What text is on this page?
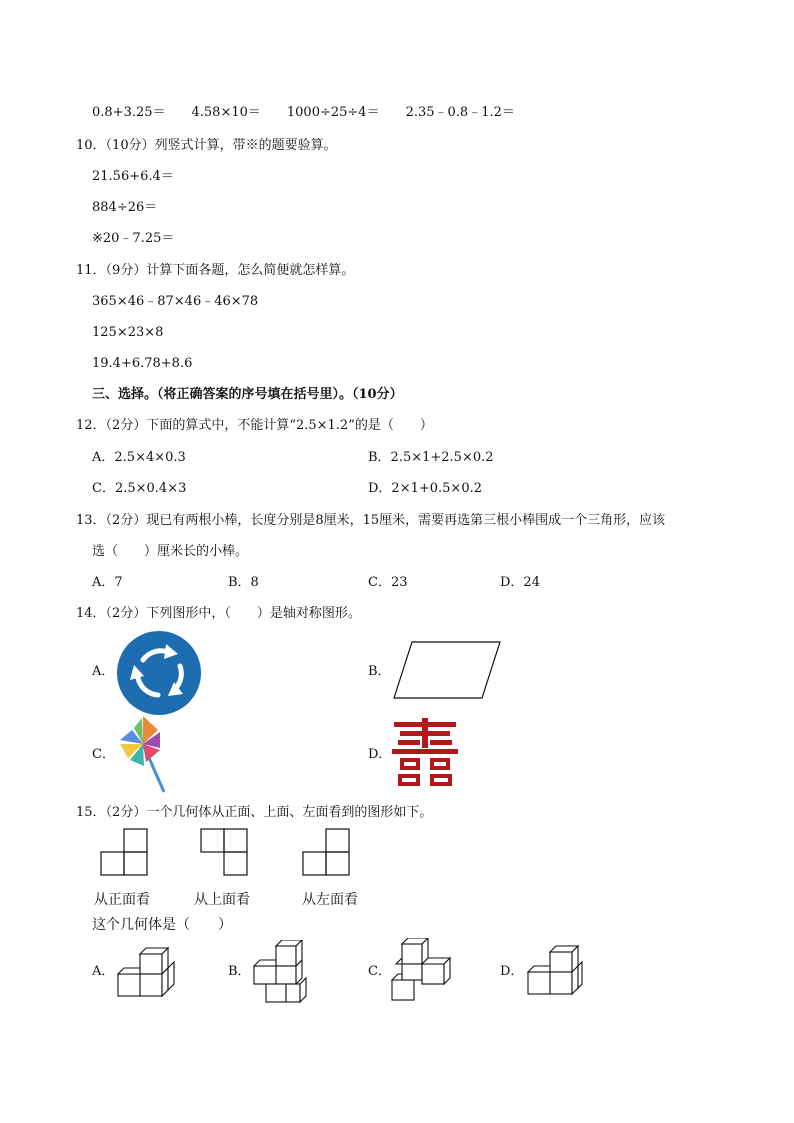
0.8+3.25＝　　4.58×10＝　　1000÷25÷4＝　　2.35﹣0.8﹣1.2＝
10．（10分）列竖式计算，带※的题要验算。
21.56+6.4＝
884÷26＝
※20﹣7.25＝
11．（9分）计算下面各题，怎么简便就怎样算。
365×46﹣87×46﹣46×78
125×23×8
19.4+6.78+8.6
三、选择。（将正确答案的序号填在括号里）。（10分）
12．（2分）下面的算式中，不能计算“2.5×1.2”的是（　　）
A．2.5×4×0.3	B．2.5×1+2.5×0.2
C．2.5×0.4×3	D．2×1+0.5×0.2
13．（2分）现已有两根小棒，长度分别是8厘米，15厘米，需要再选第三根小棒围成一个三角形，应该
选（　　）厘米长的小棒。
A．7	B．8	C．23	D．24
14．（2分）下列图形中，（　　）是轴对称图形。
A．	B．
C．	D．
15．（2分）一个几何体从正面、上面、左面看到的图形如下。
从正面看	从上面看	从左面看
这个几何体是（　　）
A．	B．	C．	D．
